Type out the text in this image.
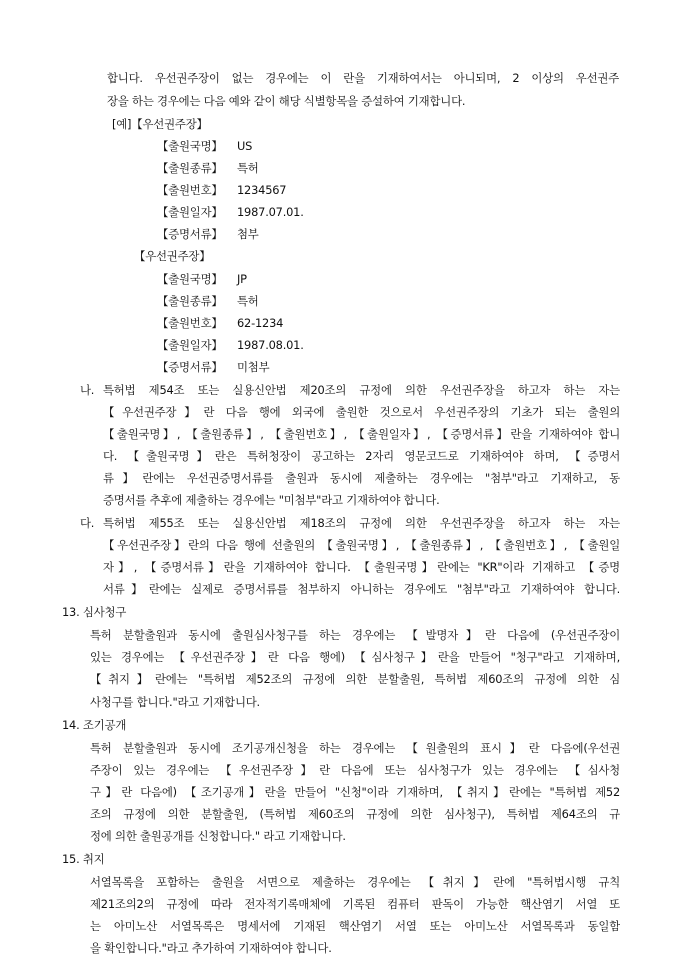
합니다. 우선권주장이 없는 경우에는 이 란을 기재하여서는 아니되며, 2 이상의 우선권주
장을 하는 경우에는 다음 예와 같이 해당 식별항목을 증설하여 기재합니다.
[예]【우선권주장】
【출원국명】 US
【출원종류】 특허
【출원번호】 1234567
【출원일자】 1987.07.01.
【증명서류】 첨부
【우선권주장】
【출원국명】 JP
【출원종류】 특허
【출원번호】 62-1234
【출원일자】 1987.08.01.
【증명서류】 미첨부
나. 특허법 제54조 또는 실용신안법 제20조의 규정에 의한 우선권주장을 하고자 하는 자는
【우선권주장】란 다음 행에 외국에 출원한 것으로서 우선권주장의 기초가 되는 출원의
【출원국명】, 【출원종류】, 【출원번호】, 【출원일자】, 【증명서류】란을 기재하여야 합니
다. 【출원국명】란은 특허청장이 공고하는 2자리 영문코드로 기재하여야 하며, 【증명서
류】란에는 우선권증명서류를 출원과 동시에 제출하는 경우에는 "첨부"라고 기재하고, 동
증명서를 추후에 제출하는 경우에는 "미첨부"라고 기재하여야 합니다.
다. 특허법 제55조 또는 실용신안법 제18조의 규정에 의한 우선권주장을 하고자 하는 자는
【우선권주장】란의 다음 행에 선출원의 【출원국명】, 【출원종류】, 【출원번호】, 【출원일
자】, 【증명서류】란을 기재하여야 합니다. 【출원국명】란에는 "KR"이라 기재하고 【증명
서류】란에는 실제로 증명서류를 첨부하지 아니하는 경우에도 "첨부"라고 기재하여야 합니다.
13. 심사청구
특허 분할출원과 동시에 출원심사청구를 하는 경우에는 【발명자】란 다음에 (우선권주장이
있는 경우에는 【우선권주장】란 다음 행에) 【심사청구】란을 만들어 "청구"라고 기재하며,
【취지】란에는 "특허법 제52조의 규정에 의한 분할출원, 특허법 제60조의 규정에 의한 심
사청구를 합니다."라고 기재합니다.
14. 조기공개
특허 분할출원과 동시에 조기공개신청을 하는 경우에는 【원출원의 표시】란 다음에(우선권
주장이 있는 경우에는 【우선권주장】란 다음에 또는 심사청구가 있는 경우에는 【심사청
구】란 다음에) 【조기공개】란을 만들어 "신청"이라 기재하며, 【취지】란에는 "특허법 제52
조의 규정에 의한 분할출원, (특허법 제60조의 규정에 의한 심사청구), 특허법 제64조의 규
정에 의한 출원공개를 신청합니다." 라고 기재합니다.
15. 취지
서열목록을 포함하는 출원을 서면으로 제출하는 경우에는 【취지】란에 "특허법시행 규칙
제21조의2의 규정에 따라 전자적기록매체에 기록된 컴퓨터 판독이 가능한 핵산염기 서열 또
는 아미노산 서열목록은 명세서에 기재된 핵산염기 서열 또는 아미노산 서열목록과 동일함
을 확인합니다."라고 추가하여 기재하여야 합니다.
